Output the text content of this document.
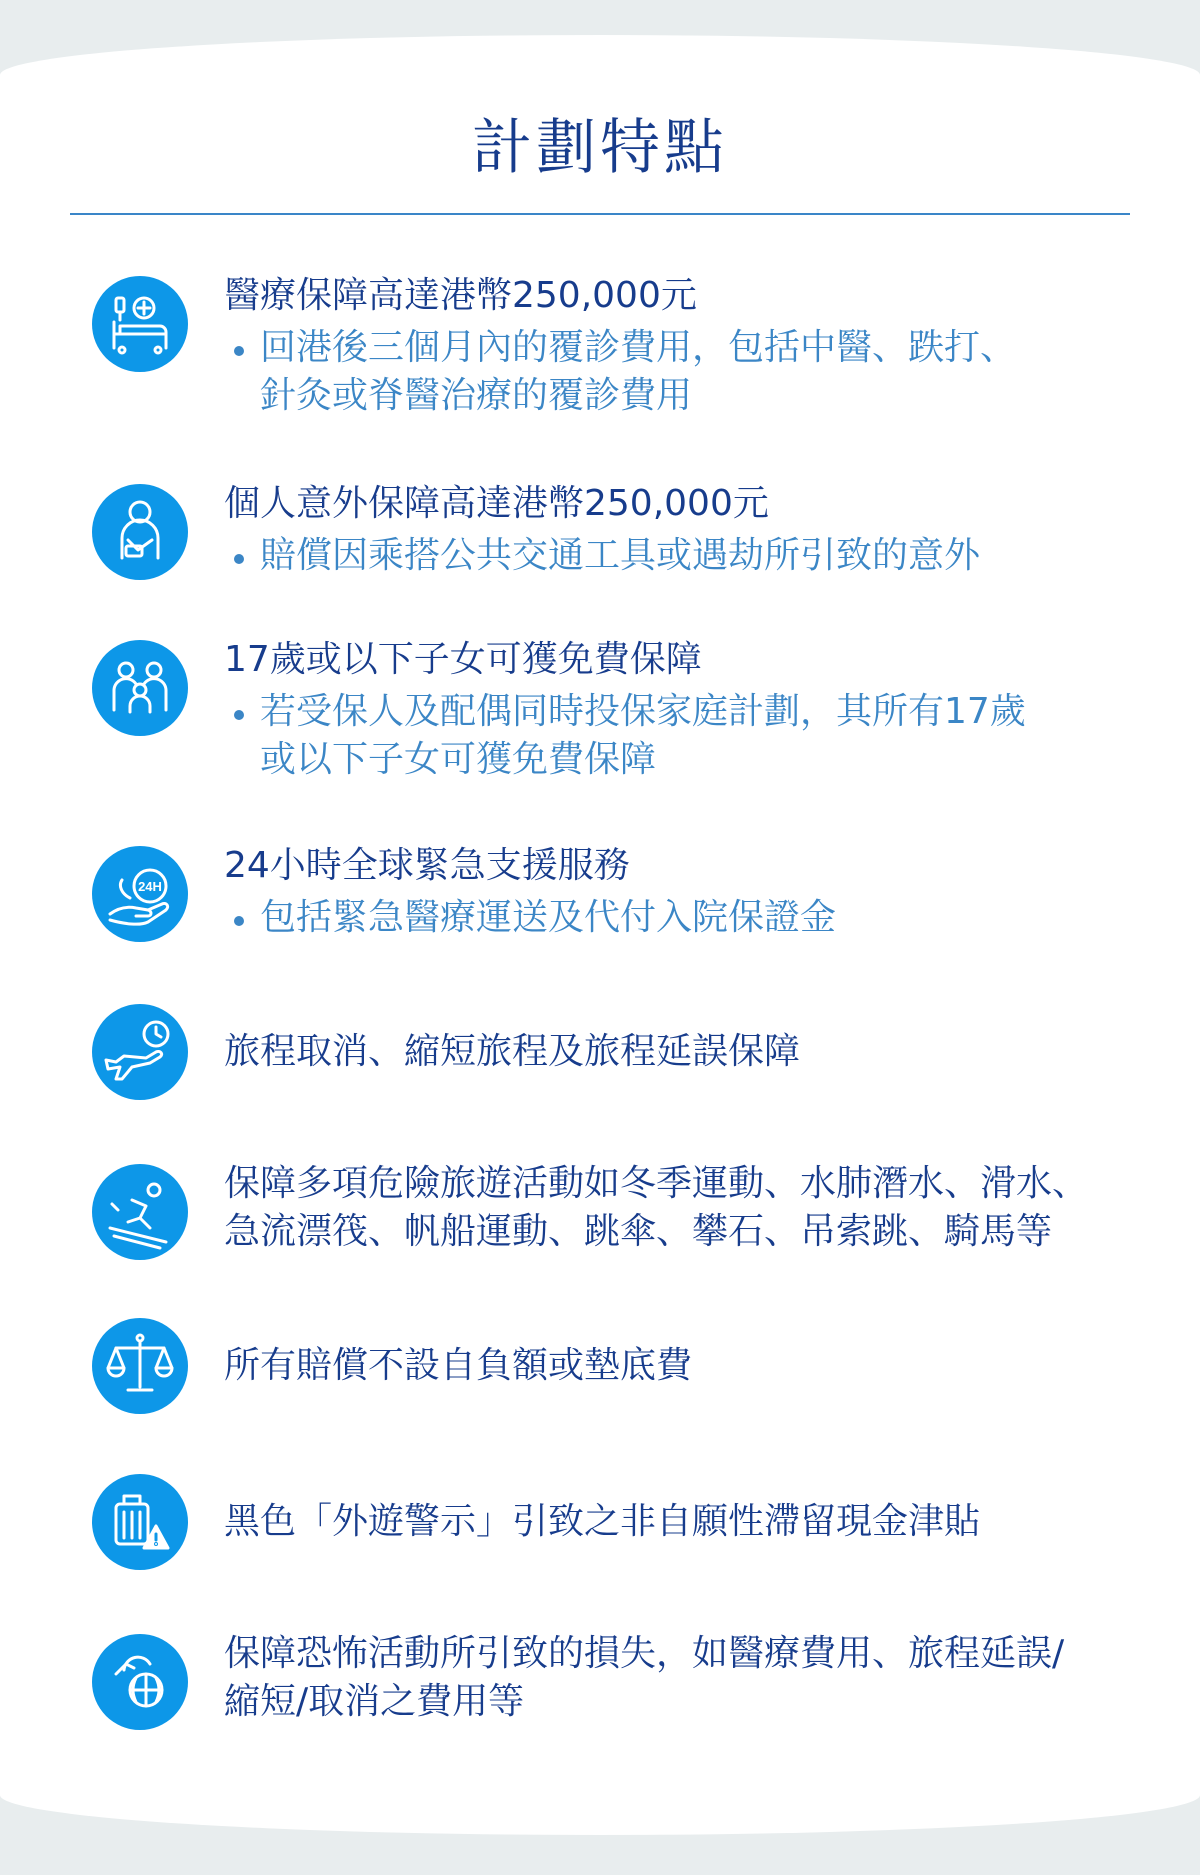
計劃特點
醫療保障高達港幣250,000元
回港後三個月內的覆診費用，包括中醫、跌打、
針灸或脊醫治療的覆診費用
個人意外保障高達港幣250,000元
賠償因乘搭公共交通工具或遇劫所引致的意外
17歲或以下子女可獲免費保障
若受保人及配偶同時投保家庭計劃，其所有17歲
或以下子女可獲免費保障
24H
24小時全球緊急支援服務
包括緊急醫療運送及代付入院保證金
旅程取消、縮短旅程及旅程延誤保障
保障多項危險旅遊活動如冬季運動、水肺潛水、滑水、
急流漂筏、帆船運動、跳傘、攀石、吊索跳、騎馬等
所有賠償不設自負額或墊底費
黑色「外遊警示」引致之非自願性滯留現金津貼
保障恐怖活動所引致的損失，如醫療費用、旅程延誤/
縮短/取消之費用等
